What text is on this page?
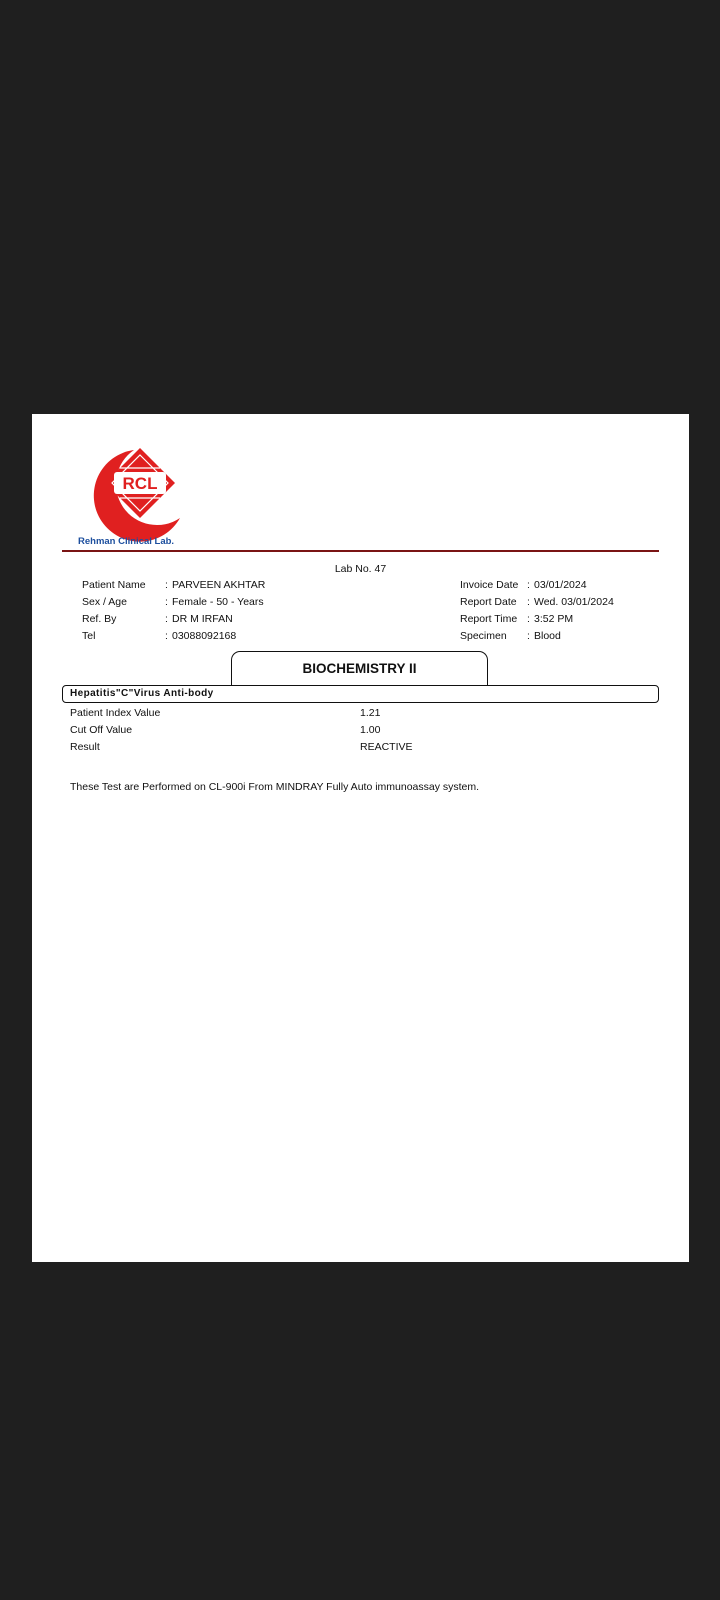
RCL
Rehman Clinical Lab.
Lab No. 47
Patient Name	: PARVEEN AKHTAR
Sex / Age	: Female - 50 - Years
Ref. By	: DR M IRFAN
Tel	: 03088092168
Invoice Date : 03/01/2024
Report Date : Wed. 03/01/2024
Report Time : 3:52 PM
Specimen	: Blood
BIOCHEMISTRY II
Hepatitis"C"Virus Anti-body
Patient Index Value	1.21
Cut Off Value	1.00
Result	REACTIVE
These Test are Performed on CL-900i From MINDRAY Fully Auto immunoassay system.
